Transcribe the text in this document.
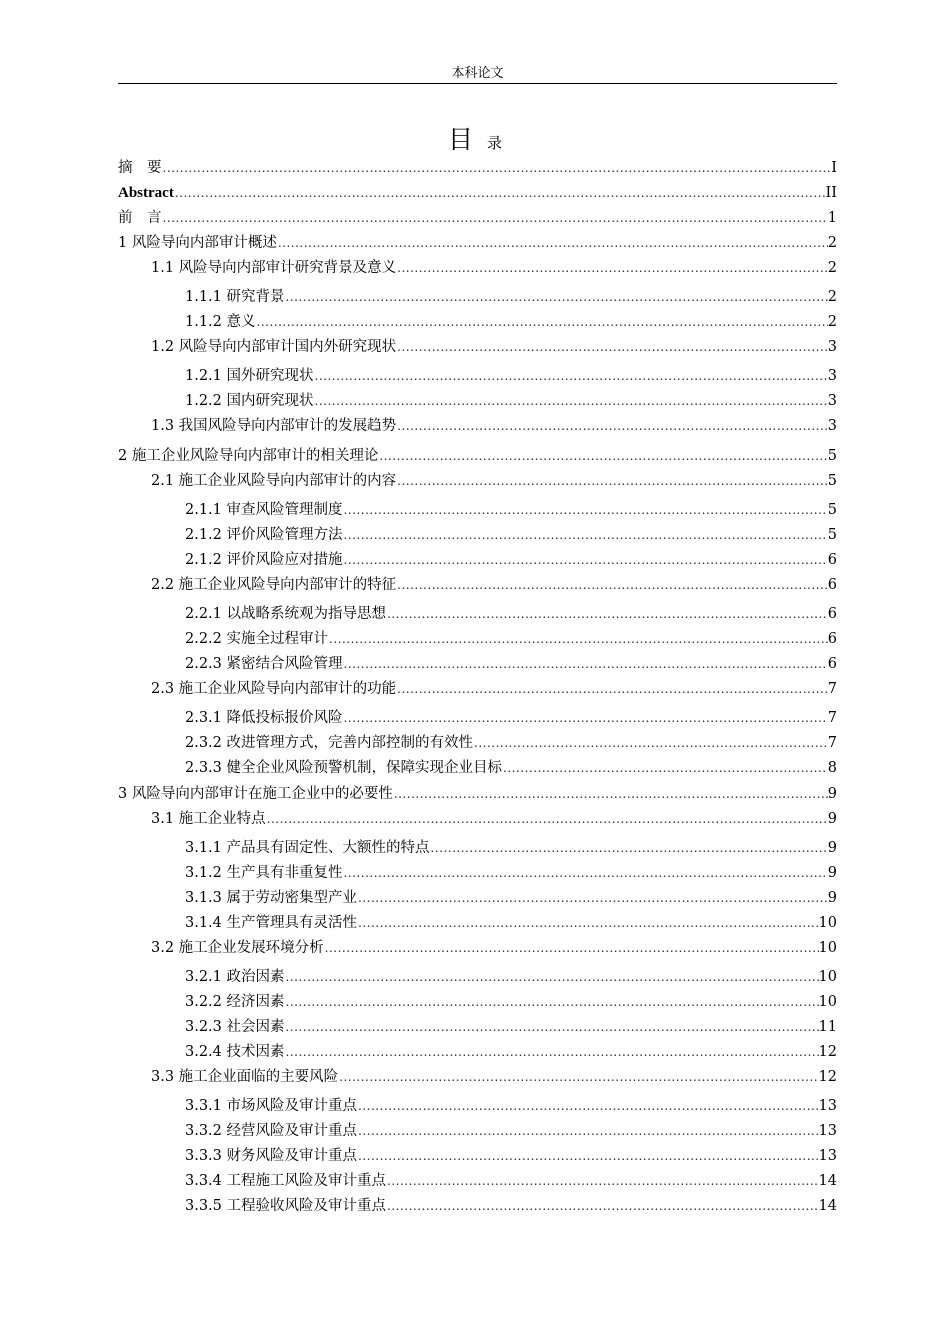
本科论文
目录
摘　要 .....	I
Abstract .....	II
前　言 .....	1
1 风险导向内部审计概述 .....	2
1.1 风险导向内部审计研究背景及意义 .....	2
1.1.1 研究背景 .....	2
1.1.2 意义 .....	2
1.2 风险导向内部审计国内外研究现状 .....	3
1.2.1 国外研究现状 .....	3
1.2.2 国内研究现状 .....	3
1.3 我国风险导向内部审计的发展趋势 .....	3
2 施工企业风险导向内部审计的相关理论 .....	5
2.1 施工企业风险导向内部审计的内容 .....	5
2.1.1 审查风险管理制度 .....	5
2.1.2 评价风险管理方法 .....	5
2.1.2 评价风险应对措施 .....	6
2.2 施工企业风险导向内部审计的特征 .....	6
2.2.1 以战略系统观为指导思想 .....	6
2.2.2 实施全过程审计 .....	6
2.2.3 紧密结合风险管理 .....	6
2.3 施工企业风险导向内部审计的功能 .....	7
2.3.1 降低投标报价风险 .....	7
2.3.2 改进管理方式，完善内部控制的有效性 .....	7
2.3.3 健全企业风险预警机制，保障实现企业目标 .....	8
3 风险导向内部审计在施工企业中的必要性 .....	9
3.1 施工企业特点 .....	9
3.1.1 产品具有固定性、大额性的特点 .....	9
3.1.2 生产具有非重复性 .....	9
3.1.3 属于劳动密集型产业 .....	9
3.1.4 生产管理具有灵活性 .....	10
3.2 施工企业发展环境分析 .....	10
3.2.1 政治因素 .....	10
3.2.2 经济因素 .....	10
3.2.3 社会因素 .....	11
3.2.4 技术因素 .....	12
3.3 施工企业面临的主要风险 .....	12
3.3.1 市场风险及审计重点 .....	13
3.3.2 经营风险及审计重点 .....	13
3.3.3 财务风险及审计重点 .....	13
3.3.4 工程施工风险及审计重点 .....	14
3.3.5 工程验收风险及审计重点 .....	14
